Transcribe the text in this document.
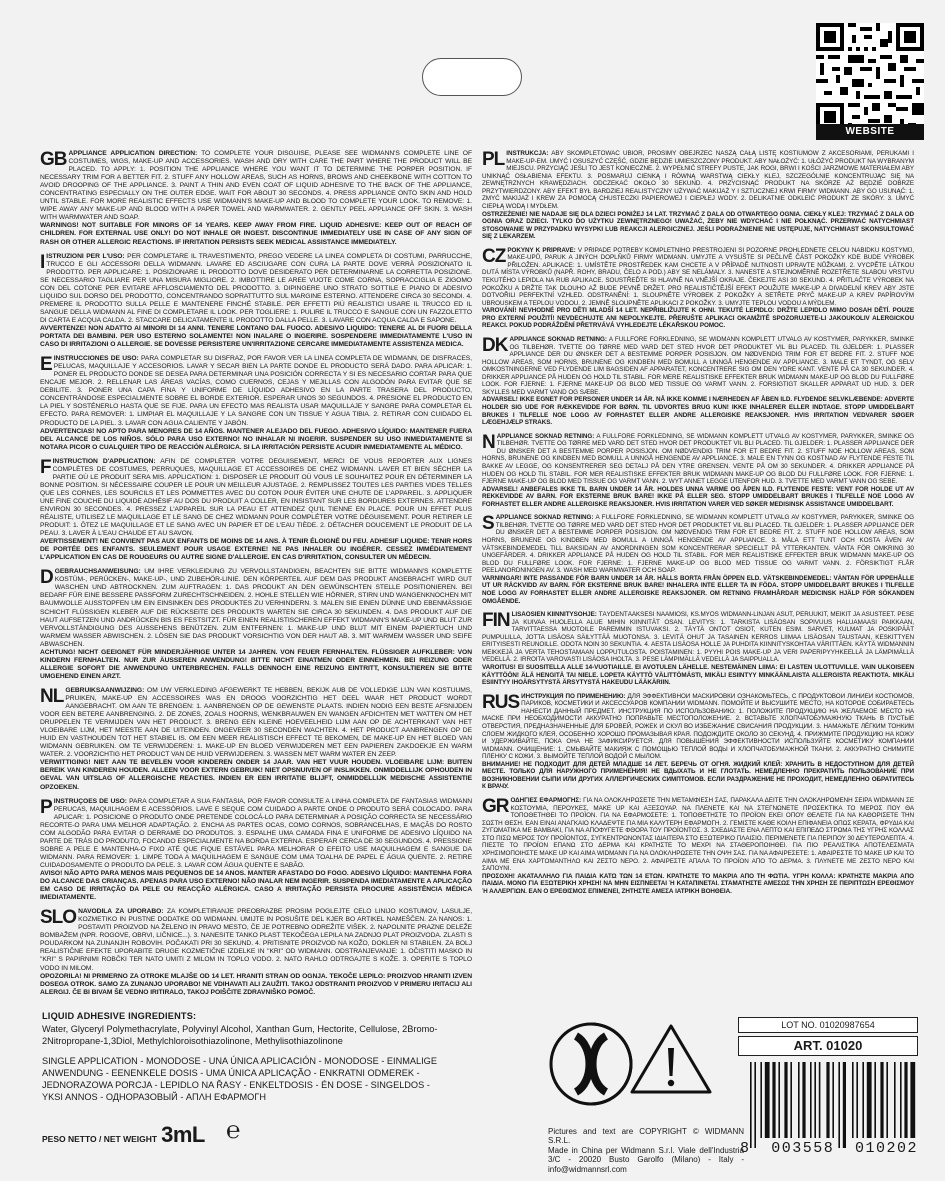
WEBSITE
GB APPLIANCE APPLICATION DIRECTION: TO COMPLETE YOUR DISGUISE, PLEASE SEE WIDMANN'S COMPLETE LINE OF COSTUMES, WIGS, MAKE-UP AND ACCESSORIES. WASH AND DRY WITH CARE THE PART WHERE THE PRODUCT WILL BE PLACED. TO APPLY: 1. POSITION THE APPLIANCE WHERE YOU WANT IT TO DETERMINE THE PORPER POSITION. IF NECESSARY TRIM FOR A BETTER FIT. 2. STUFF ANY HOLLOW AREAS, SUCH AS HORNS, BROWS AND CHEEKBONE WITH COTTON TO AVOID DROOPING OF THE APPLIANCE. 3. PAINT A THIN AND EVEN COAT OF LIQUID ADHESIVE TO THE BACK OF THE APPLIANCE, CONCENTRATING ESPECIALLY ON THE OUTER EDGE. WAIT FOR ABOUT 30 SECONDS. 4. PRESS APPLIANCE ONTO SKIN AND HOLD UNTIL STABLE. FOR MORE REALISTIC EFFECTS USE WIDMANN'S MAKE-UP AND BLOOD TO COMPLETE YOUR LOOK. TO REMOVE: 1. WIPE AWAY ANY MAKE-UP AND BLOOD WITH A PAPER TOWEL AND WARMWATER. 2. GENTLY PEEL APPLIANCE OFF SKIN. 3. WASH WITH WARMWATER AND SOAP.
WARNINGS! NOT SUITABLE FOR MINORS OF 14 YEARS. KEEP AWAY FROM FIRE. LIQUID ADHESIVE: KEEP OUT OF REACH OF CHILDREN. FOR EXTERNAL USE ONLY! DO NOT INHALE OR INGEST. DISCONTINUE IMMEDIATELY USE IN CASE OF ANY SIGN OF RASH OR OTHER ALLERGIC REACTIONS. IF IRRITATION PERSISTS SEEK MEDICAL ASSISTANCE IMMEDIATELY.
IISTRUZIONI PER L'USO: PER COMPLETARE IL TRAVESTIMENTO, PREGO VEDERE LA LINEA COMPLETA DI COSTUMI, PARRUCCHE, TRUCCO E GLI ACCESSORI DELLA WIDMANN. LAVARE ED ASCIUGARE CON CURA LA PARTE DOVE VERRÀ POSIZIONATO IL PRODOTTO. PER APPLICARE: 1. POSIZIONARE IL PRODOTTO DOVE DESIDERATO PER DETERMINARNE LA CORRETTA POSIZIONE. SE NECESSARIO TAGLIARE PER UNA MISURA MIGLIORE. 2. IMBOTTIRE LE AREE VUOTE COME CORNA, SOPRACCIGLIA E ZIGOMO CON DEL COTONE PER EVITARE AFFLOSCIAMENTO DEL PRODOTTO. 3. DIPINGERE UNO STRATO SOTTILE E PIANO DI ADESIVO LIQUIDO SUL DORSO DEL PRODOTTO, CONCENTRANDO SOPRATTUTTO SUL MARGINE ESTERNO. ATTENDERE CIRCA 30 SECONDI. 4. PREMERE IL PRODOTTO SULLA PELLE E MANTENERE FINCHÉ STABILE. PER EFFETTI PIÙ REALISTICI USARE IL TRUCCO ED IL SANGUE DELLA WIDMANN AL FINE DI COMPLETARE IL LOOK. PER TOGLIERE: 1. PULIRE IL TRUCCO E SANGUE CON UN FAZZOLETTO DI CARTA E ACQUA CALDA. 2. STACCARE DELICATAMENTE IL PRODOTTO DALLA PELLE. 3. LAVARE CON ACQUA CALDA E SAPONE.
AVVERTENZE! NON ADATTO AI MINORI DI 14 ANNI. TENERE LONTANO DAL FUOCO. ADESIVO LIQUIDO: TENERE AL DI FUORI DELLA PORTATA DEI BAMBINI. PER USO ESTERNO SOLAMENTE! NON INALARE O INGERIRE. SOSPENDERE IMMEDIATAMENTE L'USO IN CASO DI IRRITAZIONI O ALLERGIE. SE DOVESSE PERSISTERE UN'IRRITAZIONE CERCARE IMMEDIATAMENTE ASSISTENZA MEDICA.
EINSTRUCCIONES DE USO: PARA COMPLETAR SU DISFRAZ, POR FAVOR VER LA LINEA COMPLETA DE WIDMANN, DE DISFRACES, PELUCAS, MAQUILLAJE Y ACCESORIOS. LAVAR Y SECAR BIEN LA PARTE DONDE EL PRODUCTO SERÁ DADO. PARA APLICAR: 1. PONER EL PRODUCTO DONDE SE DESEA PARA DETERMINAR UNA POSICIÓN CORRECTA Y SI ES NECESARIO CORTAR PARA QUE ENCAJE MEJOR. 2. RELLENAR LAS ÁREAS VACÍAS, COMO CUERNOS, CEJAS Y MEJILLAS CON ALGODÓN PARA EVITAR QUE SE DEBILITE. 3. PONER UNA CAPA FINA Y UNIFORME DE LÍQUIDO ADHESIVO EN LA PARTE TRASERA DEL PRODUCTO, CONCENTRÁNDOSE ESPECIALMENTE SOBRE EL BORDE EXTERIOR. ESPERAR UNOS 30 SEGUNDOS. 4. PRESIONE EL PRODUCTO EN LA PIEL Y SOSTÉNERLO HASTA QUE SE FIJE. PARA UN EFECTO MAS REALISTA USAR MAQUILLAJE Y SANGRE PARA COMPLETAR EL EFECTO. PARA REMOVER: 1. LIMPIAR EL MAQUILLAJE Y LA SANGRE CON UN TISSUE Y AGUA TIBIA. 2. RETIRAR CON CUIDADO EL PRODUCTO DE LA PIEL. 3. LAVAR CON AGUA CALIENTE Y JABÓN.
ADVERTENCIAS! NO APTO PARA MENORES DE 14 AÑOS. MANTENER ALEJADO DEL FUEGO. ADHESIVO LÍQUIDO: MANTENER FUERA DEL ALCANCE DE LOS NIÑOS. SÓLO PARA USO EXTERNO! NO INHALAR NI INGERIR. SUSPENDER SU USO INMEDIATAMENTE SI NOTARA PICOR O CUALQUIER TIPO DE REACCIÓN ALÉRGICA. SI LA IRRITACIÓN PERSISTE ACUDIR INMEDIATAMENTE AL MÉDICO.
FINSTRUCTION D'APPLICATION: AFIN DE COMPLÉTER VOTRE DÉGUISEMENT, MERCI DE VOUS REPORTER AUX LIGNES COMPLÈTES DE COSTUMES, PERRUQUES, MAQUILLAGE ET ACCESSOIRES DE CHEZ WIDMANN. LAVER ET BIEN SÉCHER LA PARTIE OÙ LE PRODUIT SERA MIS. APPLICATION: 1. DISPOSER LE PRODUIT OÙ VOUS LE SOUHAITEZ POUR EN DÉTERMINER LA BONNE POSITION. SI NÉCESSAIRE COUPER LE POUR UN MEILLEUR AJUSTAGE. 2. REMPLISSEZ TOUTES LES PARTIES VIDES TELLES QUE LES CORNES, LES SOURCILS ET LES POMMETTES AVEC DU COTON POUR ÉVITER UNE CHUTE DE L'APPAREIL. 3. APPLIQUER UNE FINE COUCHE DU LIQUIDE ADHÉSIF AU DOS DU PRODUIT A COLLER, EN INSISTANT SUR LES BORDURES EXTERNES. ATTENDRE ENVIRON 30 SECONDES. 4. PRESSEZ L'APPAREIL SUR LA PEAU ET ATTENDEZ QU'IL TIENNE EN PLACE. POUR UN EFFET PLUS RÉALISTE, UTILISEZ LE MAQUILLAGE ET LE SANG DE CHEZ WIDMANN POUR COMPLÉTER VOTRE DÉGUISEMENT. POUR RETIRER LE PRODUIT: 1. ÔTEZ LE MAQUILLAGE ET LE SANG AVEC UN PAPIER ET DE L'EAU TIÈDE. 2. DÉTACHER DOUCEMENT LE PRODUIT DE LA PEAU. 3. LAVER À L'EAU CHAUDE ET AU SAVON.
AVERTISSEMENT! NE CONVIENT PAS AUX ENFANTS DE MOINS DE 14 ANS. À TENIR ÉLOIGNÉ DU FEU. ADHESIF LIQUIDE: TENIR HORS DE PORTÉE DES ENFANTS. SEULEMENT POUR USAGE EXTERNE! NE PAS INHALER OU INGÉRER. CESSEZ IMMÉDIATEMENT L'APPLICATION EN CAS DE ROUGEURS OU AUTRE SIGNE D'ALLERGIE. EN CAS D'IRRITATION, CONSULTER UN MÉDECIN.
DGEBRAUCHSANWEISUNG: UM IHRE VERKLEIDUNG ZU VERVOLLSTÄNDIGEN, BEACHTEN SIE BITTE WIDMANN'S KOMPLETTE KOSTÜM-, PERÜCKEN-, MAKE-UP-, UND ZUBEHÖR-LINIE. DEN KÖRPERTEIL AUF DEM DAS PRODUKT ANGEBRACHT WIRD GUT WASCHEN UND ABTROCKNEN. ZUM AUFTRAGEN: 1. DAS PRODUKT AN DEN GEWÜNSCHTEN STELLE POSITIONIEREN. BEI BEDARF FÜR EINE BESSERE PASSFORM ZURECHTSCHNEIDEN. 2. HOHLE STELLEN WIE HÖRNER, STIRN UND WANGENKNOCHEN MIT BAUMWOLLE AUSSTOPFEN UM EIN EINSINKEN DES PRODUKTES ZU VERHINDERN. 3. MALEN SIE EINEN DÜNNE UND EBENMÄSSIGE SCHICHT FLÜSSIGEN KLEBER AUF DIE RÜCKSEITE DES PRODUKTS WARTEN SIE CIRCA 30 SEKUNDEN. 4. DAS PRODUKT AUF DIE HAUT AUFSETZEN UND ANDRÜCKEN BIS ES FESTSITZT. FÜR EINEN REALISTISCHEREN EFFEKT WIDMANN'S MAKE-UP UND BLUT ZUR VERVOLLSTÄNDIGUNG DES AUSSEHENS BENÜTZEN. ZUM ENTFERNEN: 1. MAKE-UP UND BLUT MIT EINEM PAPIERTUCH UND WARMEM WASSER ABWISCHEN. 2. LÖSEN SIE DAS PRODUKT VORSICHTIG VON DER HAUT AB. 3. MIT WARMEM WASSER UND SEIFE ABWASCHEN.
ACHTUNG! NICHT GEEIGNET FÜR MINDERJÄHRIGE UNTER 14 JAHREN. VON FEUER FERNHALTEN. FLÜSSIGER AUFKLEBER: VON KINDERN FERNHALTEN. NUR ZUR ÄUSSEREN ANWENDUNG! BITTE NICHT EINATMEN ODER EINNEHMEN. BEI REIZUNG ODER ALLERGIE SOFORT DIE ANWENDUNG UNTERBRECHEN. FALLS DENNOCH EINE REIZUNG EINTRITT, KONSULTIEREN SIE BITTE UMGEHEND EINEN ARZT.
NL GEBRUIKSAANWIJZING: OM UW VERKLEDING AFGEWERKT TE HEBBEN, BEKIJK AUB DE VOLLEDIGE LIJN VAN KOSTUUMS, PRUIKEN, MAKE-UP EN ACCESSOIRES WAS EN DROOG VOORZICHTIG HET DEEL WAAR HET PRODUCT WORDT AANGEBRACHT. OM AAN TE BRENGEN: 1. AANBRENGEN OP DE GEWENSTE PLAATS. INDIEN NODIG EEN BESTE AFSNIJDEN VOOR EEN BETERE AANBRENGING. 2. DE ZONES, ZOALS HOORNS, WENKBRAUWEN EN WANGEN AFDICHTEN MET WATTEN OM HET DRUPPELEN TE VERMIJDEN VAN HET PRODUCT. 3. BRENG EEN KLEINE HOEVEELHEID LIJM AAN OP DE ACHTERKANT VAN HET VLOEIBARE LIJM, HET MEESTE AAN DE UITEINDEN. ONGEVEER 30 SECONDEN WACHTEN. 4. HET PRODUCT AANBRENGEN OP DE HUID EN VASTHOUDEN TOT HET STABIEL IS. OM EEN MEER REALISTISCH EFFECT TE BEKOMEN, DE MAKE-UP EN HET BLOED VAN WIDMANN GEBRUIKEN. OM TE VERWIJDEREN: 1. MAKE-UP EN BLOED VERWIJDEREN MET EEN PAPIEREN ZAKDOEKJE EN WARM WATER. 2. VOORZICHTIG HET PRODUCT VAN DE HUID VERWIJDEREN. 3. WASSEN MET WARM WATER EN ZEEP.
VERWITTIGING! NIET AAN TE BEVELEN VOOR KINDEREN ONDER 14 JAAR. VAN HET VUUR HOUDEN. VLOEIBARE LIJM: BUITEN BEREIK VAN KINDEREN HOUDEN. ALLEEN VOOR EXTERN GEBRUIK! NIET OPSNUIVEN OF INSLIKKEN. ONMIDDELLIJK OPHOUDEN IN GEVAL VAN UITSLAG OF ALLERGISCHE REACTIES. INDIEN ER EEN IRRITATIE BLIJFT, ONMIDDELLIJK MEDISCHE ASSISTENTIE OPZOEKEN.
PINSTRUÇÕES DE USO: PARA COMPLETAR A SUA FANTASIA, POR FAVOR CONSULTE A LINHA COMPLETA DE FANTASIAS WIDMANN PERUCAS, MAQUILHAGEM E ACESSÓRIOS. LAVE E SEQUE COM CUIDADO A PARTE ONDE O PRODUTO SERÁ COLOCADO. PARA APLICAR: 1. POSICIONE O PRODUTO ONDE PRETENDE COLOCÁ-LO PARA DETERMINAR A POSIÇÃO CORRECTA SE NECESSÁRIO RECORTE-O PARA UMA MELHOR ADAPTAÇÃO. 2. ENCHA AS PARTES OCAS, COMO CORNOS, SOBRANCELHAS, E MAÇÃS DO ROSTO COM ALGODÃO PARA EVITAR O DERRAME DO PRODUTOS. 3. ESPALHE UMA CAMADA FINA E UNIFORME DE ADESIVO LÍQUIDO NA PARTE DE TRÁS DO PRODUTO, FOCANDO ESPECIALMENTE NA BORDA EXTERNA. ESPERAR CERCA DE 30 SEGUNDOS. 4. PRESSIONE SOBRE A PELE E MANTENHA-O FIXO ATÉ QUE FIQUE ESTÁVEL PARA MELHORAR O EFEITO USE MAQUILHAGEM E SANGUE DA WIDMANN. PARA REMOVER: 1. LIMPE TODA A MAQUILHAGEM E SANGUE COM UMA TOALHA DE PAPEL E ÁGUA QUENTE. 2. RETIRE CUIDADOSAMENTE O PRODUTO DA PELE. 3. LAVAR COM ÁGUA QUENTE E SABÃO.
AVISO! NÃO APTO PARA MENOS MAIS PEQUENOS DE 14 ANOS. MANTER AFASTADO DO FOGO. ADESIVO LÍQUIDO: MANTENHA FORA DO ALCANCE DAS CRIANÇAS. APENAS PARA USO EXTERNO! NÃO INALAR NEM INGERIR. SUSPENDA IMEDIATAMENTE A APLICAÇÃO EM CASO DE IRRITAÇÃO DA PELE OU REACÇÃO ALÉRGICA. CASO A IRRITAÇÃO PERSISTA PROCURE ASSISTÊNCIA MÉDICA IMEDIATAMENTE.
SLO NAVODILA ZA UPORABO: ZA KOMPLETIRANJE PREOBRAZBE PROSIM POGLEJTE CELO LINIJO KOSTUMOV, LASULJE, KOZMETIKO IN PUSTNE DODATKE OD WIDMANN. UMIJTE IN POSUŠITE DEL KJER BO ARTIKEL NAMEŠČEN. ZA NANOS: 1. POSTAVITI PROIZVOD NA ŽELENO IN PRAVO MESTO, ČE JE POTREBNO ODREŽITE VIŠEK. 2. NAPOLNITE PRAZNE DELEŽE BOMBAŽEM (NPR. ROGOVE, OBRVI, LIČNICE...). 3. NANESITE TANKO PLAST TEKOČEGA LEPILA NA ZADNJO PLAT PROIZVODA. ZLASTI S POUDARKOM NA ZUNANJIH ROBOVIH. POČAKATI PRI 30 SEKUND. 4. PRITISNITE PROIZVOD NA KOŽO, DOKLER NI STABILEN. ZA BOLJ REALISTIČNE EFEKTE UPORABITE DRUGE KOZMETIČNE IZDELKE IN "KRI" OD WIDMANN. ODSTRANJEVANJE: 1. OČISTITI MASKO IN "KRI" S PAPIRNIMI ROBČKI TER NATO UMITI Z MILOM IN TOPLO VODO. 2. NATO RAHLO ODTRGAJTE S KOŽE. 3. OPERITE S TOPLO VODO IN MILOM.
OPOZORILA! NI PRIMERNO ZA OTROKE MLAJŠE OD 14 LET. HRANITI STRAN OD OGNJA. TEKOČE LEPILO: PROIZVOD HRANITI IZVEN DOSEGA OTROK. SAMO ZA ZUNANJO UPORABO! NE VDIHAVATI ALI ZAUŽITI. TAKOJ ODSTRANITI PROIZVOD V PRIMERU IRITACIJ ALI ALERGIJ. ČE BI BIVAM ŠE VEDNO IRITIRALO, TAKOJ POIŠČITE ZDRAVNIŠKO POMOČ.
PL INSTRUKCJA: ABY SKOMPLETOWAĆ UBIÓR, PROSIMY OBEJRZEĆ NASZĄ CAŁĄ LISTĘ KOSTIUMÓW Z AKCESORIAMI, PERUKAMI I MAKE-UP-EM. UMYĆ I OSUSZYĆ CZĘŚĆ, GDZIE BĘDZIE UMIESZCZONY PRODUKT. ABY NAŁOŻYĆ: 1. UŁÓŻYĆ PRODUKT NA WYBRANYM MIEJSCU. PRZYCIĄĆ JEŚLI TO JEST KONIECZNE. 2. WYPEŁNIĆ STREFY PUSTE, JAK ROGI, BRWI I KOŚCI JARZMOWE MATERIAŁEM ABY UNIKNĄĆ OSŁABIENIA EFEKTU. 3. POSMARUJ CIENKĄ I RÓWNĄ WARSTWĄ CIEKŁY KLEJ, SZCZEGÓLNIE KONCENTRUJĄC SIĘ NA ZEWNĘTRZNYCH KRAWĘDZIACH. ODCZEKAĆ OKOŁO 30 SEKUND. 4. PRZYCISNĄĆ PRODUKT NA SKÓRZE AŻ BĘDZIE DOBRZE PRZYTWIERDZONY. ABY EFEKT BYŁ BARDZIEJ REALISTYCZNY UŻYWAĆ MAKIJAŻ Y I SZTUCZNEJ KRWI FIRMY WIDMANN. ABY GO USUNĄĆ: 1. ZMYĆ MAKIJAŻ I KREW ZA POMOCĄ CHUSTECZKI PAPIEROWEJ I CIEPŁEJ WODY. 2. DELIKATNIE ODKLEIĆ PRODUKT ZE SKÓRY. 3. UMYĆ CIEPŁĄ WODĄ I MYDŁEM.
OSTRZEŻENIE! NIE NADAJE SIĘ DLA DZIECI PONIŻEJ 14 LAT. TRZYMAĆ Z DALA OD OTWARTEGO OGNIA. CIEKŁY KLEJ: TRZYMAĆ Z DALA OD OGNIA ORAZ DZIECI. TYLKO DO UŻYTKU ZEWNĘTRZNEGO! UWAŻAĆ, ŻEBY NIE WDYCHAĆ I NIE POŁKNĄĆ. PRZERWAĆ NATYCHMIAST STOSOWANIE W PRZYPADKU WYSYPKI LUB REAKCJI ALERGICZNEJ. JEŚLI PODRAŻNIENIE NIE USTĘPUJE, NATYCHMIAST SKONSULTOWAĆ SIĘ Z LEKARZEM.
CZ POKYNY K PŘÍPRAVĚ: V PŘÍPADĚ POTŘEBY KOMPLETNÍHO PŘESTROJENÍ SI POZORNĚ PROHLÉDNĚTE CELOU NABÍDKU KOSTÝMŮ, MAKE-UPŮ, PARUK A JINÝCH DOPLŇKŮ FIRMY WIDMANN. UMYJTE A VYSUŠTE SI PEČLIVĚ ČÁST POKOŽKY KDE BUDE VÝROBEK PŘILOŽEN. APLIKACE: 1. UMÍSTĚTE PROSTŘEDEK KAM CHCETE A V PŘÍPADĚ NUTNOSTI UPRAVTE NŮŽKAMI. 2. VYCPĚTE LÁTKOU DUTÁ MÍSTA VÝROBKŮ (NAPŘ. ROHY, BRADU, ČELO A POD.) ABY SE NELÁMALY. 3. NANESTE A STEJNOMĚRNĚ ROZETŘETE SLABOU VRSTVU TEKUTÉHO LEPIDLA NA RUB APLIKACE. SOUSTŘEĎTE SI HLAVNĚ NA VNĚJŠÍ OKRAJE. ČEKEJTE ASI 30 SEKUND. 4. PŘITLAČTE VÝROBEK NA POKOŽKU A DRŽTE TAK DLOUHO AŽ BUDE PEVNĚ DRŽET. PRO REALISTIČTĚJŠÍ EFEKT POUŽIJTE MAKE-UP A DIVADELNÍ KREV ABY JSTE DOTVOŘILI PERFEKTNÍ VZHLED. ODSTRANĚNÍ: 1. SLOUPNĚTE VÝROBEK Z POKOŽKY A SETŘETE PRYČ MAKE-UP A KREV PAPÍROVÝM UBROUSKEM A TEPLOU VODOU. 2. JEMNĚ SLOUPNĚTE APLIKACI Z POKOŽKY. 3. UMYJTE TEPLOU VODOU A MÝDLEM.
VAROVÁNÍ! NEVHODNÉ PRO DĚTI MLADŠÍ 14 LET. NEPŘIBLIŽUJTE K OHNI. TEKUTÉ LEPIDLO: DRŽTE LEPIDLO MIMO DOSAH DĚTÍ. POUZE PRO EXTERNÍ POUŽITÍ! NEVDECHUJTE ANI NEPOLYKEJTE. PŘERUŠTE APLIKACI OKAMŽITĚ SPOZORUJETE-LI JAKOUKOLIV ALERGICKOU REAKCI. POKUD PODRÁŽDĚNÍ PŘETRVÁVÁ VYHLEDEJTE LÉKAŘSKOU POMOC.
DK APPLIANCE SÖKNAD RETNING: A FULLFÖRE FORKLEDNING, SE WIDMANN KOMPLETT UTVALG AV KOSTYMER, PARYKKER, SMINKE OG TILBEHØR. TVETTE OG TØRRE MED VARD DET STED HVOR DET PRODUKTET VIL BLI PLACED. TIL GJELDER: 1. PLASSER APPLIANCE DER DU ØNSKER DET A BESTEMME PORPER POSISJON. OM NØDVENDIG TRIM FOR ET BEDRE FIT. 2. STUFF NOE HOLLOW AREAS, SOM HORNS, BRUNENE OG KINDBEN MED BOMULL A UNNGÅ HENGENDE AV APPLIANCE. 3. MALE ET TYNDT, OG SELV OMKOSTNINGERNE VED FLYDENDE LIM BAGSIDEN AF APPARATET, KONCENTRERE SIG OM DEN YDRE KANT. VENTE PÅ CA 30 SEKUNDER. 4. DRIKKER APPLIANCE PÅ HUDEN OG HOLD TIL STABIL. FOR MERE REALISTISKE EFFEKTER BRUK WIDMANN MAKE-UP OG BLOD DU FULLFØRE LOOK. FOR FJERNE: 1. FJERNE MAKE-UP OG BLOD MED TISSUE OG VARMT VANN. 2. FORSIGTIGT SKALLER APPARAT UD HUD. 3. DER SKYLLES MED VARMT VAND OG SÆBE.
ADVARSEL! IKKE EGNET FOR PERSONER UNDER 14 ÅR. NÅ IKKE KOMME I NÆRHEDEN AF ÅBEN ILD. FLYDENDE SELVKLÆBENDE: ADVERTE HOLDER SIG UDE FOR RÆKKEVIDDE FOR BØRN. TIL UDVORTES BRUG KUN! IKKE INHALERER ELLER INDTAGE. STOPP UMIDDELBART BRUKES I TILFELLE NOE LOGG AV FORHASTET ELLER ANDRE ALLERGISKE REAKSJONER. HVIS IRRITATION VEDVARER SØGER LÆGEHJÆLP STRAKS.
NAPPLIANCE SÖKNAD RETNING: A FULLFÖRE FORKLEDNING, SE WIDMANN KOMPLETT UTVALG AV KOSTYMER, PARYKKER, SMINKE OG TILBEHØR. TVETTE OG TØRRE MED VARD DET STED HVOR DET PRODUKTET VIL BLI PLACED. TIL GJELDER: 1. PLASSER APPLIANCE DER DU ØNSKER DET A BESTEMME PORPER POSISJON. OM NØDVENDIG TRIM FOR ET BEDRE FIT. 2. STUFF NOE HOLLOW AREAS, SOM HORNS, BRUNENE OG KINDBEN MED BOMULL A UNNGÅ HENGENDE AV APPLIANCE. 3. MALE EN TYNN OG KOSTNAD AV FLYTENDE FESTE TIL BAKKE AV LEGGE, OG KONSENTRERER SEG DETALJ PÅ DEN YTRE GRENSEN. VENTE PÅ OM 30 SEKUNDER. 4. DRIKKER APPLIANCE PÅ HUDEN OG HOLD TIL STABIL. FOR MER REALISTISKE EFFEKTER BRUK WIDMANN MAKE-UP OG BLOD DU FULLFØRE LOOK. FOR FJERNE: 1. FJERNE MAKE-UP OG BLOD MED TISSUE OG VARMT VANN. 2. WYT ANNET LEGGE UTENFOR HUD. 3. TVETTE MED VARMT VANN OG SEBE.
ADVARSEL! ANBEFALES IKKE TIL BARN UNDER 14 ÅR. HOLDES UNNA VARME OG ÅPEN ILD. FLYTENDE FESTE: VENT FOR HOLDE UT AV REKKEVIDDE AV BARN. FOR EKSTERNE BRUK BARE! IKKE PÅ ELLER SEG. STOPP UMIDDELBART BRUKES I TILFELLE NOE LOGG AV FORHASTET ELLER ANDRE ALLERGISKE REAKSJONER. HVIS IRRITATION VARER VED SØKER MEDISINSK ASSISTANCE UMIDDELBART.
SAPPLIANCE SÖKNAD RETNING: A FULLFÖRE FORKLEDNING, SE WIDMANN KOMPLETT UTVALG AV KOSTYMER, PARYKKER, SMINKE OG TILBEHØR. TVETTE OG TØRRE MED VARD DET STED HVOR DET PRODUKTET VIL BLI PLACED. TIL GJELDER: 1. PLASSER APPLIANCE DER DU ØNSKER DET A BESTEMME PORPER POSISJON. OM NØDVENDIG TRIM FOR ET BEDRE FIT. 2. STUFF NOE HOLLOW AREAS, SOM HORNS, BRUNENE OG KINDBEN MED BOMULL A UNNGÅ HENGENDE AV APPLIANCE. 3. MÅLA ETT TUNT OCH KOSTA ÄVEN AV VÄTSKEBINDEMEDEL TILL BAKSIDAN AV ANORDNINGEN SOM KONCENTRERAR SPECIELLT PÅ YTTERKANTEN. VÄNTA FÖR OMKRING 30 UNGEFÄRDER. 4. DRIKKER APPLIANCE PÅ HUDEN OG HOLD TIL STABIL. FOR MER REALISTISKE EFFEKTER BRUK WIDMANN MAKE-UP OG BLOD DU FULLFØRE LOOK. FOR FJERNE: 1. FJERNE MAKE-UP OG BLOD MED TISSUE OG VARMT VANN. 2. FÖRSIKTIGT FLÅR PEELANORDNINGEN AV. 3. WASH MED WARMWATER OCH SOAP.
VARNINGAR! INTE PASSANDE FÖR BARN UNDER 14 ÅR. HÅLLS BORTA FRÅN ÖPPEN ELD. VÄTSKEBINDEMEDEL: VÄNTAN FÖR UPPEHÅLLE UT UR RÄCKVIDD AV BARN. FÖR EKSTERNE BRUK BARE! INHALERA INTE ELLER TA IN FÖDA. STOPP UMIDDELBART BRUKES I TILFELLE NOE LOGG AV FORHASTET ELLER ANDRE ALLERGISKE REAKSJONER. OM RETNING FRAMHÅRDAR MEDICINSK HJÄLP FÖR SÖKANDEN OMGÅENDE.
FIN LISÄOSIEN KIINNITYSOHJE: TÄYDENTÄÄKSESI NAAMIOSI, KS.MYÖS WIDMANN-LINJAN ASUT, PERUUKIT, MEIKIT JA ASUSTEET. PESE JA KUIVAA HUOLELLA ALUE MIHIN KIINNITÄT OSAN. LEVITYS: 1. TARKISTA LISÄOSAN SOPIVUUS HALUAMAASI PAIKKAAN, TARVITTAESSA MUOTOILE PAREMMIN ISTUVAKSI. 2. TÄYTÄ ONTOT OSIOT, KUTEN ESIM. SARVET, KULMAT JA POSKIPÄÄT PUMPULILLA, JOTTA LISÄOSA SÄILYTTÄÄ MUOTONSA. 3. LEVITÄ OHUT JA TASAINEN KERROS LIIMAA LISÄOSAN TAUSTAAN, KESKITTYEN ERITYISESTI REUNOILLE. ODOTA NOIN 30 SEKUNTIA. 4. AESTA LISÄOSA HOLLE JA PUHDITA KIINNITYSKOHTAA VÄRITTÄEN. KÄYTÄ WIDMANNIN MEIKKEJÄ JA VERTA TEHOSTAMAAN LOPPUTULOSTA. POISTAMINEN: 1. PYYHI POIS MAKE-UP JA VERI PAPERIPYYHKEELLÄ JA LÄMPIMÄLLÄ VEDELLÄ. 2. IRROITA VAROVASTI LISÄOSA IHOLTA. 3. PESE LÄMPIMÄLLÄ VEDELLÄ JA SAIPPUALLA.
VAROITUS! EI SUOSITELLA ALLE 14-VUOTIAILLE. EI AVOTULEN LÄHELLE. NESTEMÄINEN LIIMA: EI LASTEN ULOTTUVILLE. VAIN ULKOISEEN KÄYTTÖÖN! ÄLÄ HENGITÄ TAI NIELE. LOPETA KÄYTTÖ VÄLITTÖMÄSTI, MIKÄLI ESIINTYY MINKÄÄNLAISTA ALLERGISTA REAKTIOTA. MIKÄLI ESIINTYY IHOÄRSYTYSTÄ ÄRSYTYSTÄ HAKEUDU LÄÄKÄRIIN.
RUS ИНСТРУКЦИЯ ПО ПРИМЕНЕНИЮ: ДЛЯ ЭФФЕКТИВНОЙ МАСКИРОВКИ ОЗНАКОМЬТЕСЬ, С ПРОДУКТОВОЙ ЛИНИЕЙ КОСТЮМОВ, ПАРИКОВ, КОСМЕТИКИ И АКСЕССУАРОВ КОМПАНИИ WIDMANN. ПОМОЙТЕ И ВЫСУШИТЕ МЕСТО, НА КОТОРОЕ СОБИРАЕТЕСЬ НАНЕСТИ ДАННЫЙ ПРЕДМЕТ. ИНСТРУКЦИЯ ПО ИСПОЛЬЗОВАНИЮ: 1. ПОЛОЖИТЕ ПРОДУКЦИЮ НА ЖЕЛАЕМОЕ МЕСТО НА МАСКЕ ПРИ НЕОБХОДИМОСТИ АККУРАТНО ПОПРАВЬТЕ МЕСТОПОЛОЖЕНИЕ. 2. ВСТАВЬТЕ ХЛОПЧАТОБУМАЖНУЮ ТКАНЬ В ПУСТЫЕ ОТВЕРСТИЯ, ПРЕДНАЗНАЧЕННЫЕ ДЛЯ БРОВЕЙ, РОЖЕК И СКУЛ ВО ИЗБЕЖАНИЕ СВИСАНИЯ ПРОДУКЦИИ. 3. НАМАЖЬТЕ ЛЁГКИМ ТОНКИМ СЛОЕМ ЖИДКОГО КЛЕЯ, ОСОБЕННО ХОРОШО ПРОМАЗЫВАЯ КРАЯ. ПОДОЖДИТЕ ОКОЛО 30 СЕКУНД. 4. ПРИЖМИТЕ ПРОДУКЦИЮ НА КОЖУ И УДЕРЖИВАЙТЕ, ПОКА ОНА НЕ ЗАФИКСИРУЕТСЯ. ДЛЯ ПОВЫШЕНИЯ ЭФФЕКТИВНОСТИ ИСПОЛЬЗУЙТЕ КОСМЕТИКУ КОМПАНИИ WIDMANN. ОЧИЩЕНИЕ: 1. СМЫВАЙТЕ МАКИЯЖ С ПОМОЩЬЮ ТЕПЛОЙ ВОДЫ И ХЛОПЧАТОБУМАЖНОЙ ТКАНИ. 2. АККУРАТНО СНИМИТЕ ПЛЕНКУ С КОЖИ. 3. ВЫМОЙТЕ ТЕПЛОЙ ВОДОЙ С МЫЛОМ.
ВНИМАНИЕ! НЕ ПОДХОДИТ ДЛЯ ДЕТЕЙ МЛАДШЕ 14 ЛЕТ. БЕРЕЧЬ ОТ ОГНЯ. ЖИДКИЙ КЛЕЙ: ХРАНИТЬ В НЕДОСТУПНОМ ДЛЯ ДЕТЕЙ МЕСТЕ. ТОЛЬКО ДЛЯ НАРУЖНОГО ПРИМЕНЕНИЯ! НЕ ВДЫХАТЬ И НЕ ГЛОТАТЬ. НЕМЕДЛЕННО ПРЕКРАТИТЬ ПОЛЬЗОВАНИЕ ПРИ ВОЗНИКНОВЕНИИ СЫПИ ИЛИ ДРУГИХ АЛЛЕРГИЧЕСКИХ СИМПТОМОВ. ЕСЛИ РАЗДРАЖЕНИЕ НЕ ПРОХОДИТ, НЕМЕДЛЕННО ОБРАТИТЕСЬ К ВРАЧУ.
GR ΟΔΗΓΙΕΣ ΕΦΑΡΜΟΓΗΣ: ΓΙΑ ΝΑ ΟΛΟΚΛΗΡΩΣΕΤΕ ΤΗΝ ΜΕΤΑΜΦΙΕΣΗ ΣΑΣ, ΠΑΡΑΚΑΛΑ ΔΕΙΤΕ ΤΗΝ ΟΛΟΚΛΗΡΩΜΕΝΗ ΣΕΙΡΑ WIDMANN ΣΕ ΚΟΣΤΟΥΜΙΑ, ΠΕΡΟΥΚΕΣ, MAKE UP ΚΑΙ ΑΞΕΣΟΥΑΡ. ΝΑ ΠΛΕΝΕΤΕ ΚΑΙ ΝΑ ΣΤΕΓΝΩΝΕΤΕ ΠΡΟΣΕΚΤΙΚΑ ΤΟ ΜΕΡΟΣ ΠΟΥ ΘΑ ΤΟΠΟΘΕΤΗΘΕΙ ΤΟ ΠΡΟΪΟΝ. ΓΙΑ ΝΑ ΕΦΑΡΜΟΣΕΤΕ: 1. ΤΟΠΟΘΕΤΗΣΤΕ ΤΟ ΠΡΟΪΟΝ ΕΚΕΙ ΟΠΟΥ ΘΕΛΕΤΕ ΓΙΑ ΝΑ ΚΑΘΟΡΙΣΕΤΕ ΤΗΝ ΣΩΣΤΗ ΘΕΣΗ. ΕΑΝ ΕΙΝΑΙ ΑΝΑΓΚΑΙΟ ΚΛΑΔΕΨΤΕ ΓΙΑ ΜΙΑ ΚΑΛΥΤΕΡΗ ΕΦΑΡΜΟΓΗ. 2. ΓΕΜΙΣΤΕ ΚΑΘΕ ΚΟΙΛΗ ΕΠΙΦΑΝΕΙΑ ΟΠΩΣ ΚΕΡΑΤΑ, ΦΡΥΔΙΑ ΚΑΙ ΖΥΓΩΜΑΤΙΚΑ ΜΕ ΒΑΜΒΑΚΙ, ΓΙΑ ΝΑ ΑΠΟΦΥΓΕΤΕ ΦΘΟΡΑ ΤΟΥ ΠΡΟΪΟΝΤΟΣ. 3. ΣΧΕΔΙΑΣΤΕ ΕΝΑ ΛΕΠΤΟ ΚΑΙ ΕΠΙΠΕΔΟ ΣΤΡΩΜΑ ΤΗΣ ΥΓΡΗΣ ΚΟΛΛΑΣ ΣΤΟ ΠΙΣΩ ΜΕΡΟΣ ΤΟΥ ΠΡΟΪΟΝΤΟΣ, ΣΥΓΚΕΝΤΡΩΝΟΝΤΑΣ ΙΔΙΑΙΤΕΡΑ ΣΤΟ ΕΞΩΤΕΡΙΚΟ ΠΛΑΙΣΙΟ. ΠΕΡΙΜΕΝΕΤΕ ΓΙΑ ΠΕΡΙΠΟΥ 30 ΔΕΥΤΕΡΟΛΕΠΤΑ. 4. ΠΙΕΣΤΕ ΤΟ ΠΡΟΪΟΝ ΕΠΑΝΩ ΣΤΟ ΔΕΡΜΑ ΚΑΙ ΚΡΑΤΗΣΤΕ ΤΟ ΜΕΧΡΙ ΝΑ ΣΤΑΘΕΡΟΠΟΙΗΘΕΙ. ΓΙΑ ΠΙΟ ΡΕΑΛΙΣΤΙΚΑ ΑΠΟΤΕΛΕΣΜΑΤΑ ΧΡΗΣΙΜΟΠΟΙΗΣΤΕ MAKE UP ΚΑΙ ΑΙΜΑ WIDMANN ΓΙΑ ΝΑ ΟΛΟΚΛΗΡΩΣΕΤΕ ΤΗΝ ΟΨΗ ΣΑΣ. ΓΙΑ ΝΑ ΑΦΑΙΡΕΣΕΤΕ: 1. ΑΦΑΙΡΕΣΤΕ ΤΟ MAKE UP ΚΑΙ ΤΟ ΑΙΜΑ ΜΕ ΕΝΑ ΧΑΡΤΟΜΑΝΤΗΛΟ ΚΑΙ ΖΕΣΤΟ ΝΕΡΟ. 2. ΑΦΑΙΡΕΣΤΕ ΑΠΑΛΑ ΤΟ ΠΡΟΪΟΝ ΑΠΟ ΤΟ ΔΕΡΜΑ. 3. ΠΛΥΝΕΤΕ ΜΕ ΖΕΣΤΟ ΝΕΡΟ ΚΑΙ ΣΑΠΟΥΝΙ.
ΠΡΟΣΟΧΗ! ΑΚΑΤΑΛΛΗΛΟ ΓΙΑ ΠΑΙΔΙΑ ΚΑΤΩ ΤΩΝ 14 ΕΤΩΝ. ΚΡΑΤΗΣΤΕ ΤΟ ΜΑΚΡΙΑ ΑΠΟ ΤΗ ΦΩΤΙΑ. ΥΓΡΗ ΚΟΛΛΑ: ΚΡΑΤΗΣΤΕ ΜΑΚΡΙΑ ΑΠΟ ΠΑΙΔΙΑ. ΜΟΝΟ ΓΙΑ ΕΞΩΤΕΡΙΚΗ ΧΡΗΣΗ! ΝΑ ΜΗΝ ΕΙΣΠΝΕΕΤΑΙ Ή ΚΑΤΑΠΙΝΕΤΑΙ. ΣΤΑΜΑΤΗΣΤΕ ΑΜΕΣΩΣ ΤΗΝ ΧΡΗΣΗ ΣΕ ΠΕΡΙΠΤΩΣΗ ΕΡΕΘΙΣΜΟΥ Ή ΑΛΛΕΡΓΙΩΝ. ΕΑΝ Ο ΕΡΕΘΙΣΜΟΣ ΕΠΙΜΕΝΕΙ, ΖΗΤΗΣΤΕ ΑΜΕΣΑ ΙΑΤΡΙΚΗ ΒΟΗΘΕΙΑ.
LIQUID ADHESIVE INGREDIENTS:
Water, Glyceryl Polymethacrylate, Polyvinyl Alcohol, Xanthan Gum, Hectorite, Cellulose, 2Bromo-2Nitropropane-1,3Diol, Methylchloroisothiazolinone, Methylisothiazolinone
SINGLE APPLICATION - MONODOSE - UNA ÚNICA APLICACIÓN - MONODOSE - EINMALIGE ANWENDUNG - EENENKELE DOSIS - UMA ÚNICA APLICAÇÃO - ENKRATNI ODMEREK - JEDNORAZOWA PORCJA - LEPIDLO NA ŘASY - ENKELTDOSIS - ÉN DOSE - SINGELDOS - YKSI ANNOS - ОДНОРАЗОВЫЙ - ΑΠΛΗ ΕΦΑΡΜΟΓΗ
PESO NETTO / NET WEIGHT 3mL ℮	Pictures and text are COPYRIGHT © WIDMANN S.R.L.
Made in China per Widmann S.r.l. Viale dell'Industria 3/C - 20020 Busto Garolfo (Milano) - Italy - info@widmannsrl.com
LOT NO. 01020987654
ART. 01020
8 003558 010202
